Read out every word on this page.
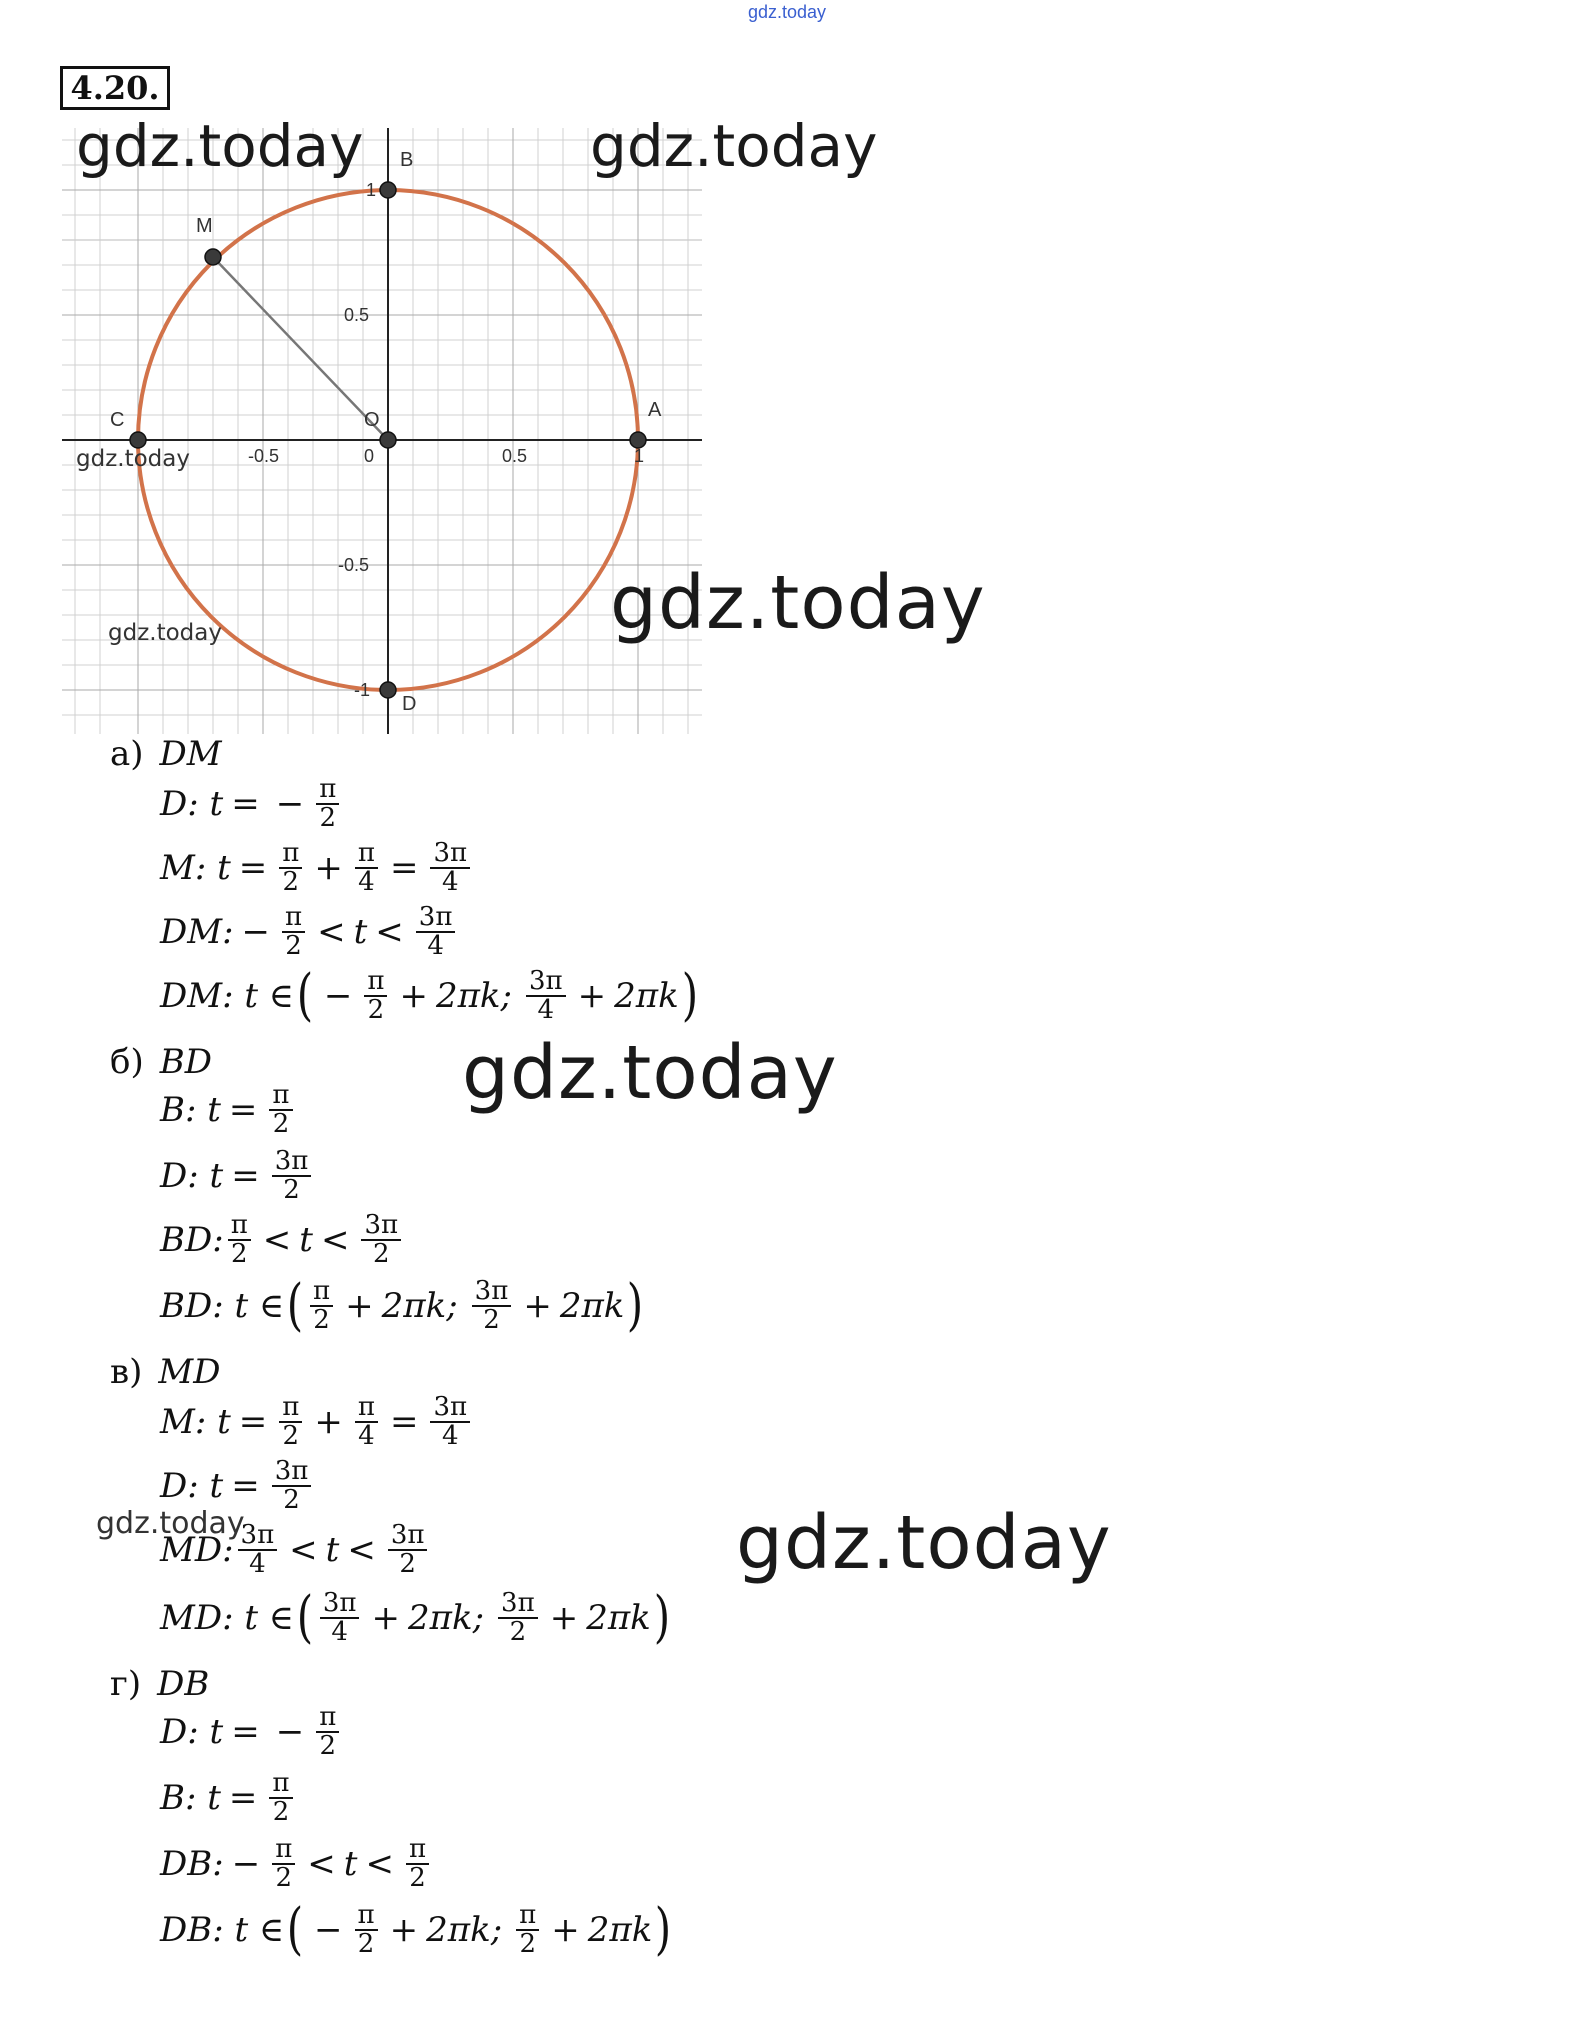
gdz.today
4.20.
B
M
C	O	A
D
-0.5	0	0.5	1
1
0.5
-0.5
-1
gdz.today	gdz.today
gdz.today
gdz.today	gdz.today
gdz.today
gdz.today	gdz.today
а) DM
D: t = − $\frac{\pi}{2}$
M: $t = \frac{\pi}{2} + \frac{\pi}{4} = \frac{3\pi}{4}$
DM: − $\frac{\pi}{2} < t < \frac{3\pi}{4}$
DM: t ∈ ( − $\frac{\pi}{2} + 2\pi k$ ; $\frac{3\pi}{4} + 2\pi k$ )
б) BD
B: $t = \frac{\pi}{2}$
D: $t = \frac{3\pi}{2}$
BD: $\frac{\pi}{2} < t < \frac{3\pi}{2}$
BD: t ∈ ( $\frac{\pi}{2} + 2\pi k$ ; $\frac{3\pi}{2} + 2\pi k$ )
в) MD
M: $t = \frac{\pi}{2} + \frac{\pi}{4} = \frac{3\pi}{4}$
D: $t = \frac{3\pi}{2}$
MD: $\frac{3\pi}{4} < t < \frac{3\pi}{2}$
MD: t ∈ ( $\frac{3\pi}{4} + 2\pi k$ ; $\frac{3\pi}{2} + 2\pi k$ )
г) DB
D: t = − $\frac{\pi}{2}$
B: $t = \frac{\pi}{2}$
DB: − $\frac{\pi}{2} < t < \frac{\pi}{2}$
DB: t ∈ ( − $\frac{\pi}{2} + 2\pi k$ ; $\frac{\pi}{2} + 2\pi k$ )
